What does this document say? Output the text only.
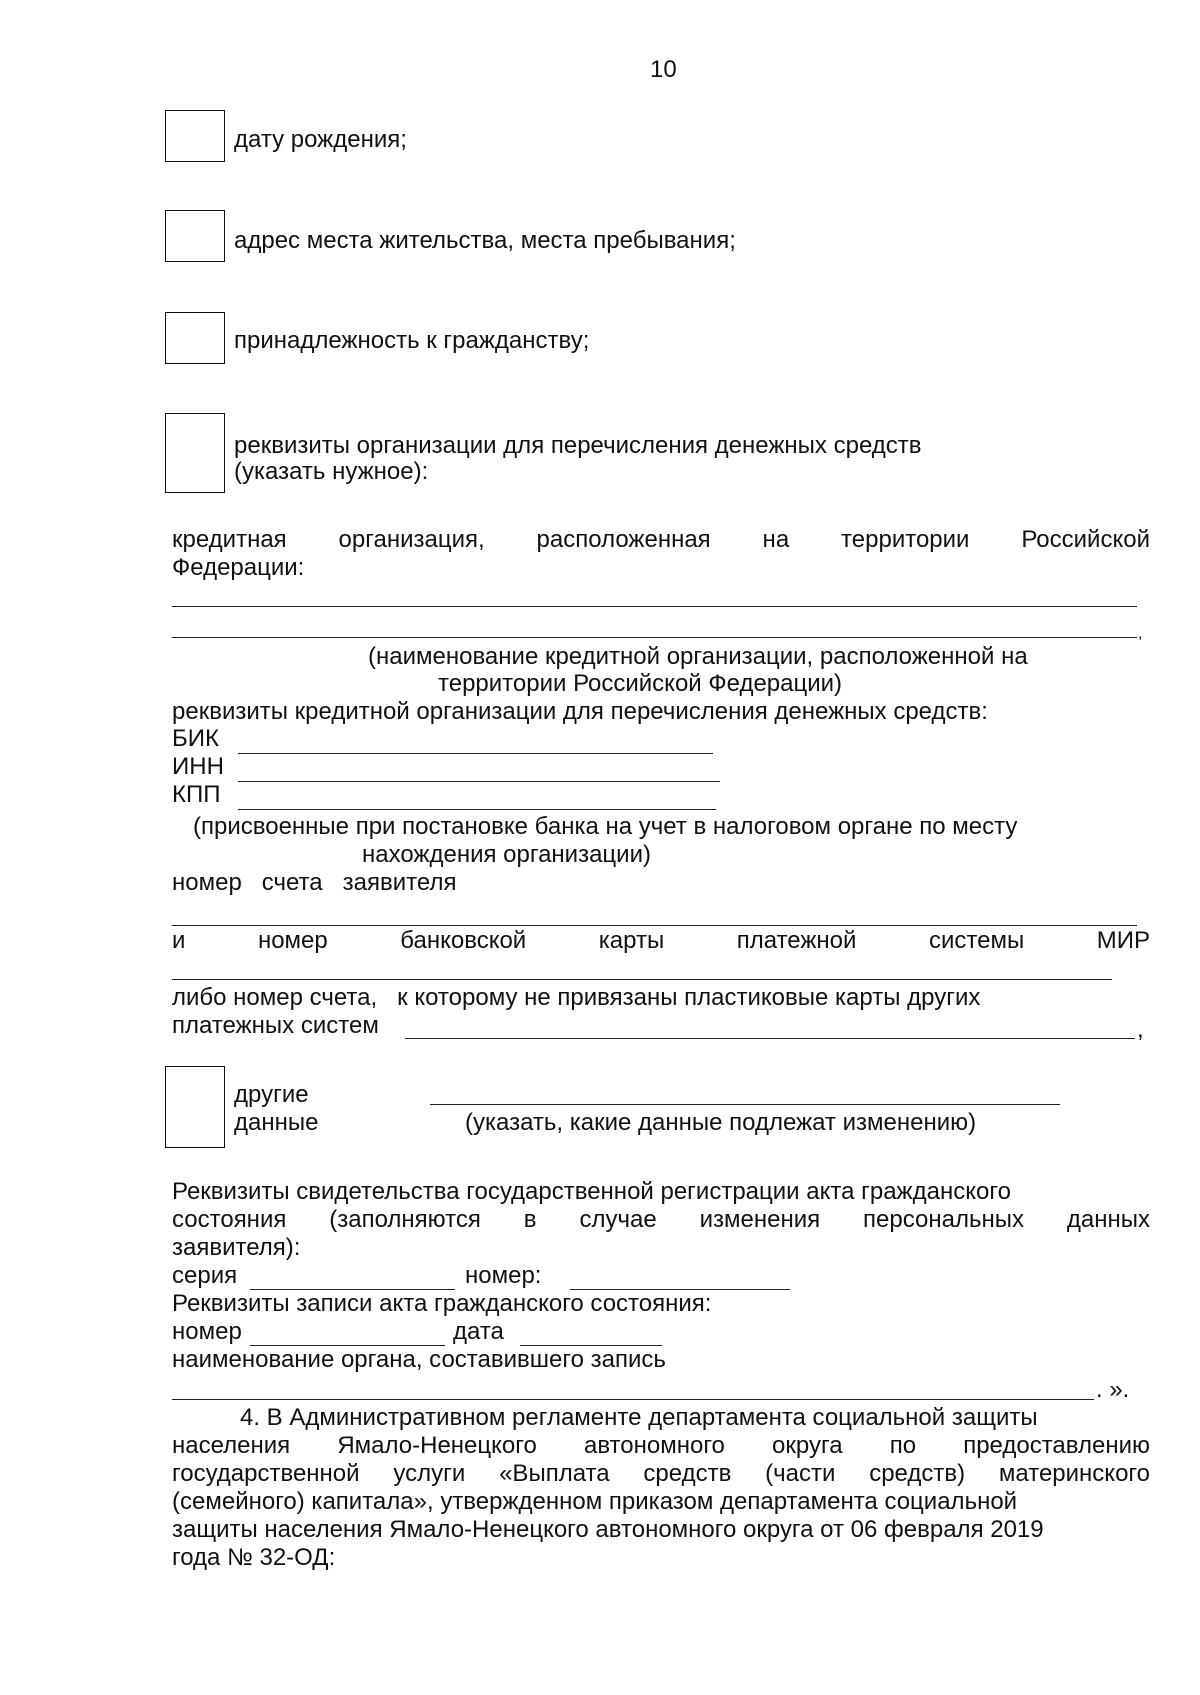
10
дату рождения;
адрес места жительства, места пребывания;
принадлежность к гражданству;
реквизиты организации для перечисления денежных средств
(указать нужное):
кредитная организация, расположенная на территории Российской
Федерации:
,
(наименование кредитной организации, расположенной на
территории Российской Федерации)
реквизиты кредитной организации для перечисления денежных средств:
БИК
ИНН
КПП
(присвоенные при постановке банка на учет в налоговом органе по месту
нахождения организации)
номер   счета   заявителя
и номер банковской карты платежной системы МИР
либо номер счета,   к которому не привязаны пластиковые карты других
платежных систем	,
другие
данные	(указать, какие данные подлежат изменению)
Реквизиты свидетельства государственной регистрации акта гражданского
состояния (заполняются в случае изменения персональных данных
заявителя):
серия	номер:
Реквизиты записи акта гражданского состояния:
номер	дата
наименование органа, составившего запись
. ».
4. В Административном регламенте департамента социальной защиты
населения Ямало-Ненецкого автономного округа по предоставлению
государственной услуги «Выплата средств (части средств) материнского
(семейного) капитала», утвержденном приказом департамента социальной
защиты населения Ямало-Ненецкого автономного округа от 06 февраля 2019
года № 32-ОД:
